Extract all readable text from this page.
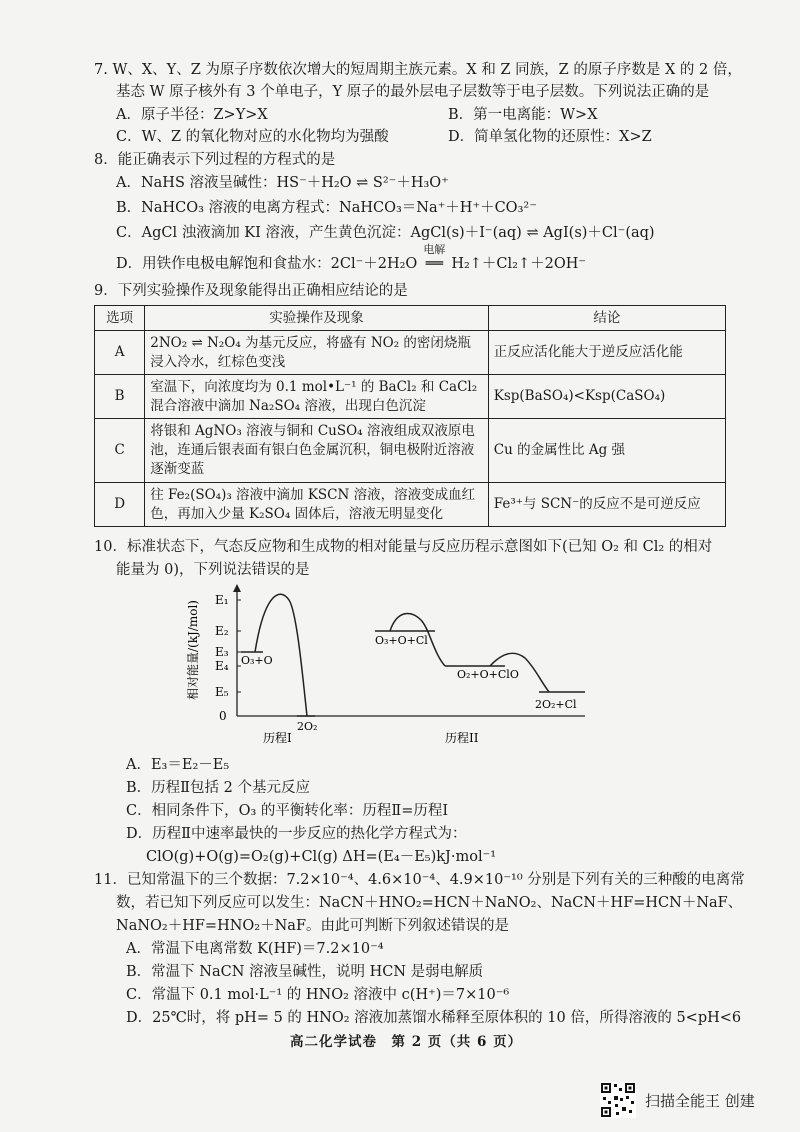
7. W、X、Y、Z 为原子序数依次增大的短周期主族元素。X 和 Z 同族，Z 的原子序数是 X 的 2 倍，
基态 W 原子核外有 3 个单电子，Y 原子的最外层电子层数等于电子层数。下列说法正确的是
A．原子半径：Z>Y>X	B．第一电离能：W>X
C．W、Z 的氧化物对应的水化物均为强酸	D．简单氢化物的还原性：X>Z
8．能正确表示下列过程的方程式的是
A．NaHS 溶液呈碱性：HS⁻＋H₂O ⇌ S²⁻＋H₃O⁺
B．NaHCO₃ 溶液的电离方程式：NaHCO₃＝Na⁺＋H⁺＋CO₃²⁻
C．AgCl 浊液滴加 KI 溶液，产生黄色沉淀：AgCl(s)＋I⁻(aq) ⇌ AgI(s)＋Cl⁻(aq)
D．用铁作电极电解饱和食盐水：2Cl⁻＋2H₂O
电解
══ H₂↑＋Cl₂↑＋2OH⁻
9．下列实验操作及现象能得出正确相应结论的是
选项	实验操作及现象	结论
A	2NO₂ ⇌ N₂O₄ 为基元反应，将盛有 NO₂ 的密闭烧瓶浸入冷水，红棕色变浅	正反应活化能大于逆反应活化能
B	室温下，向浓度均为 0.1 mol•L⁻¹ 的 BaCl₂ 和 CaCl₂ 混合溶液中滴加 Na₂SO₄ 溶液，出现白色沉淀	Ksp(BaSO₄)<Ksp(CaSO₄)
C	将银和 AgNO₃ 溶液与铜和 CuSO₄ 溶液组成双液原电池，连通后银表面有银白色金属沉积，铜电极附近溶液逐渐变蓝	Cu 的金属性比 Ag 强
D	往 Fe₂(SO₄)₃ 溶液中滴加 KSCN 溶液，溶液变成血红色，再加入少量 K₂SO₄ 固体后，溶液无明显变化	Fe³⁺与 SCN⁻的反应不是可逆反应
10．标准状态下，气态反应物和生成物的相对能量与反应历程示意图如下(已知 O₂ 和 Cl₂ 的相对
能量为 0)，下列说法错误的是
相对能量/(kJ/mol)
E₁
E₂
E₃
E₄
E₅
0
O₃+O
2O₂
O₃+O+Cl
O₂+O+ClO
2O₂+Cl
历程I	历程II
A．E₃＝E₂－E₅
B．历程Ⅱ包括 2 个基元反应
C．相同条件下，O₃ 的平衡转化率：历程Ⅱ=历程Ⅰ
D．历程Ⅱ中速率最快的一步反应的热化学方程式为：
ClO(g)+O(g)=O₂(g)+Cl(g) ΔH=(E₄－E₅)kJ·mol⁻¹
11．已知常温下的三个数据：7.2×10⁻⁴、4.6×10⁻⁴、4.9×10⁻¹⁰ 分别是下列有关的三种酸的电离常
数，若已知下列反应可以发生：NaCN＋HNO₂=HCN＋NaNO₂、NaCN＋HF=HCN＋NaF、
NaNO₂＋HF=HNO₂＋NaF。由此可判断下列叙述错误的是
A．常温下电离常数 K(HF)＝7.2×10⁻⁴
B．常温下 NaCN 溶液呈碱性，说明 HCN 是弱电解质
C．常温下 0.1 mol·L⁻¹ 的 HNO₂ 溶液中 c(H⁺)＝7×10⁻⁶
D．25℃时，将 pH= 5 的 HNO₂ 溶液加蒸馏水稀释至原体积的 10 倍，所得溶液的 5<pH<6
高二化学试卷　第 2 页（共 6 页）
扫描全能王 创建
